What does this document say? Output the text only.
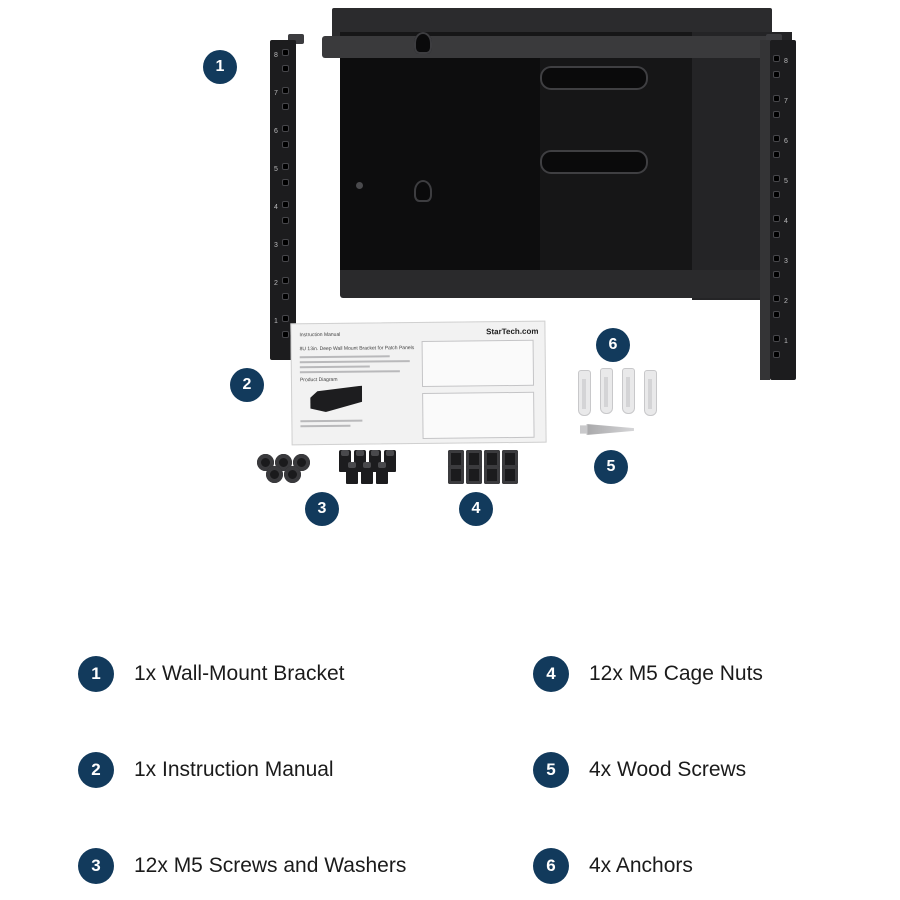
8
7
6
5
4
3
2
1
8
7
6
5
4
3
2
1
StarTech.com
Instruction Manual
8U 13in. Deep Wall Mount Bracket for Patch Panels
Product Diagram
1
2
3	4
5
6
1	1x Wall-Mount Bracket
2	1x Instruction Manual
3	12x M5 Screws and Washers
4	12x M5 Cage Nuts
5	4x Wood Screws
6	4x Anchors
